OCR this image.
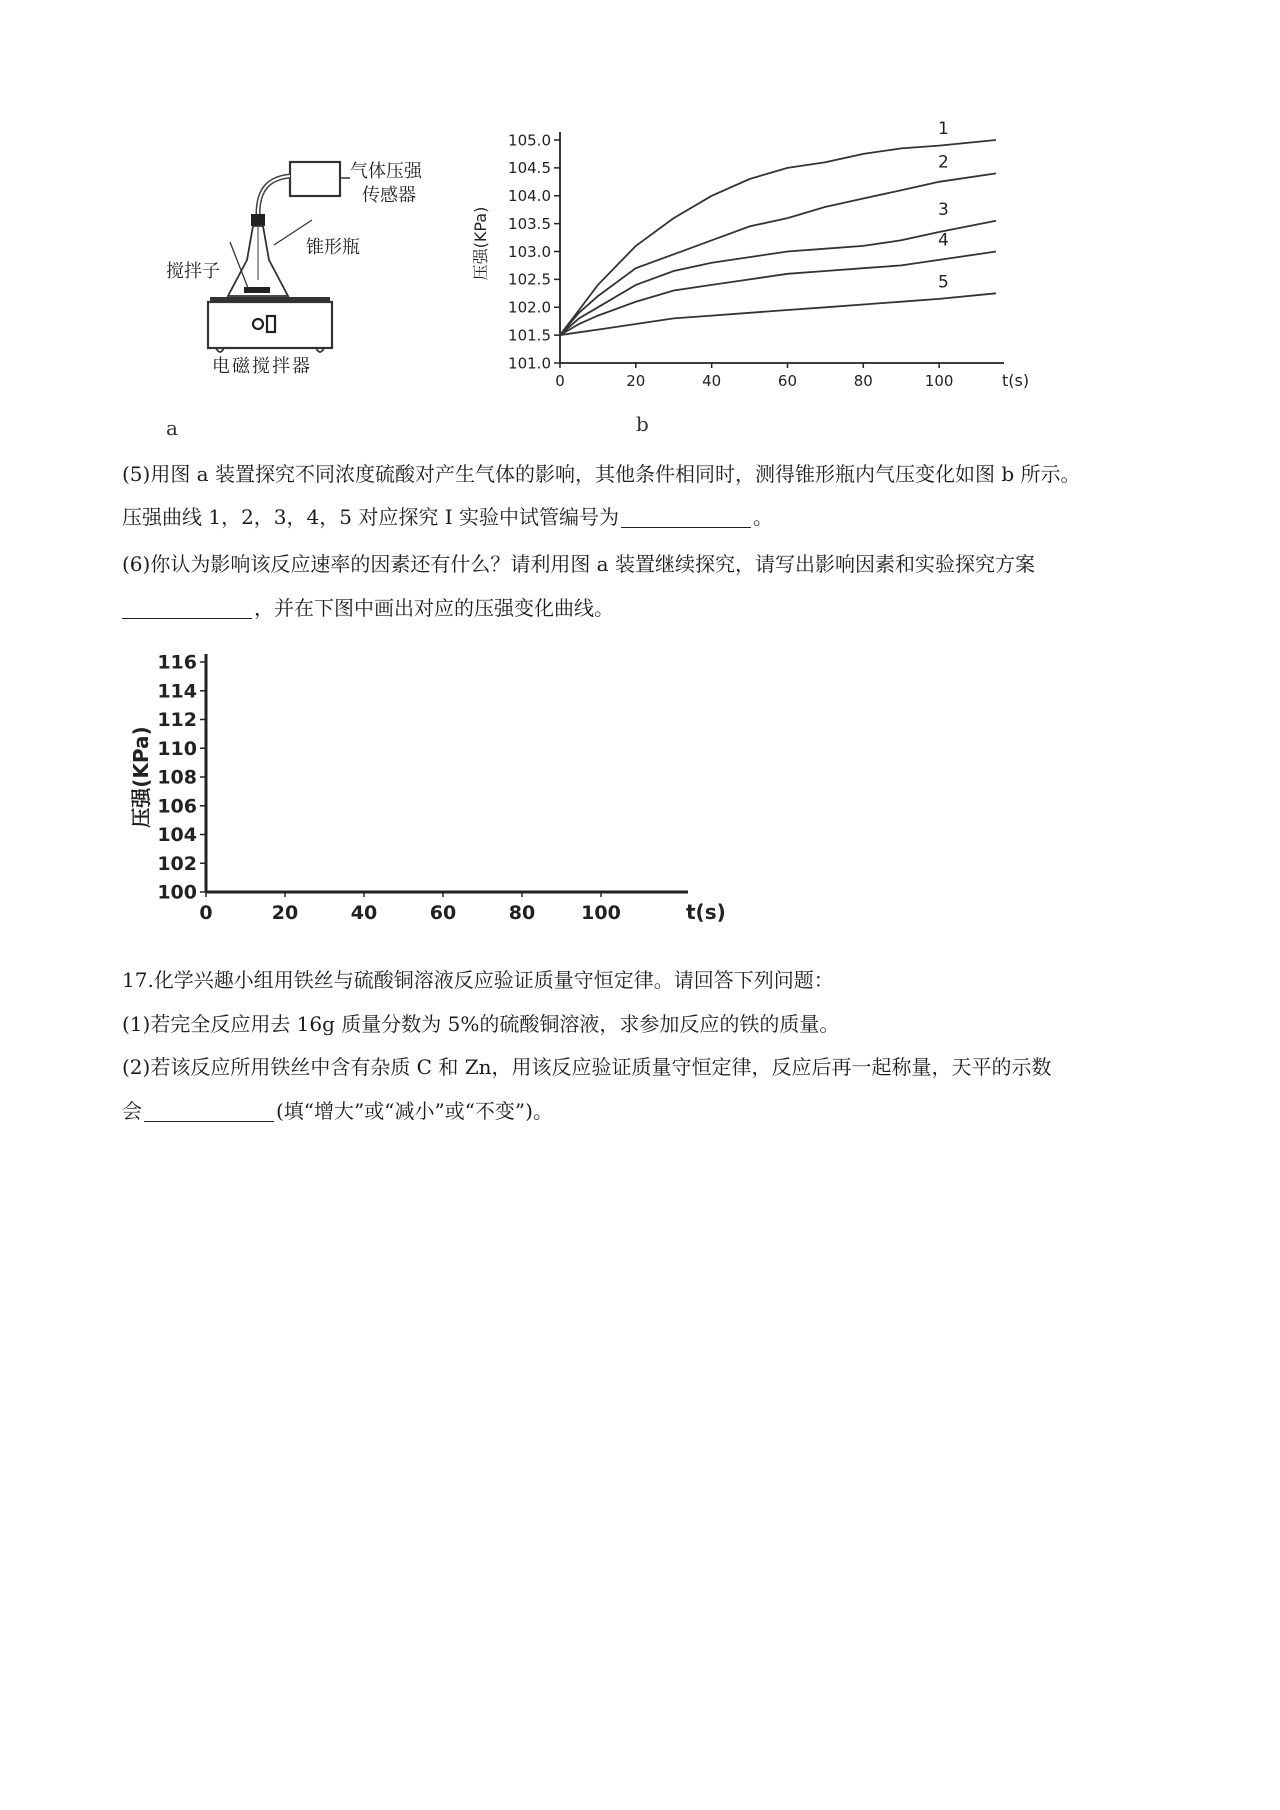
气体压强
传感器
锥形瓶
搅拌子
电磁搅拌器
a
101.0
101.5
102.0
102.5
103.0
103.5
104.0
104.5
105.0
0	20	40	60	80	100	t(s)
压强(KPa)
1
2
3
4
5
b
(5)用图 a 装置探究不同浓度硫酸对产生气体的影响，其他条件相同时，测得锥形瓶内气压变化如图 b 所示。
压强曲线 1，2，3，4，5 对应探究 I 实验中试管编号为	。
(6)你认为影响该反应速率的因素还有什么？请利用图 a 装置继续探究，请写出影响因素和实验探究方案
，并在下图中画出对应的压强变化曲线。
100
102
104
106
108
110
112
114
116
0	20	40	60	80 100	t(s)
压强(KPa)
17.化学兴趣小组用铁丝与硫酸铜溶液反应验证质量守恒定律。请回答下列问题：
(1)若完全反应用去 16g 质量分数为 5%的硫酸铜溶液，求参加反应的铁的质量。
(2)若该反应所用铁丝中含有杂质 C 和 Zn，用该反应验证质量守恒定律，反应后再一起称量，天平的示数
会	(填“增大”或“减小”或“不变”)。
